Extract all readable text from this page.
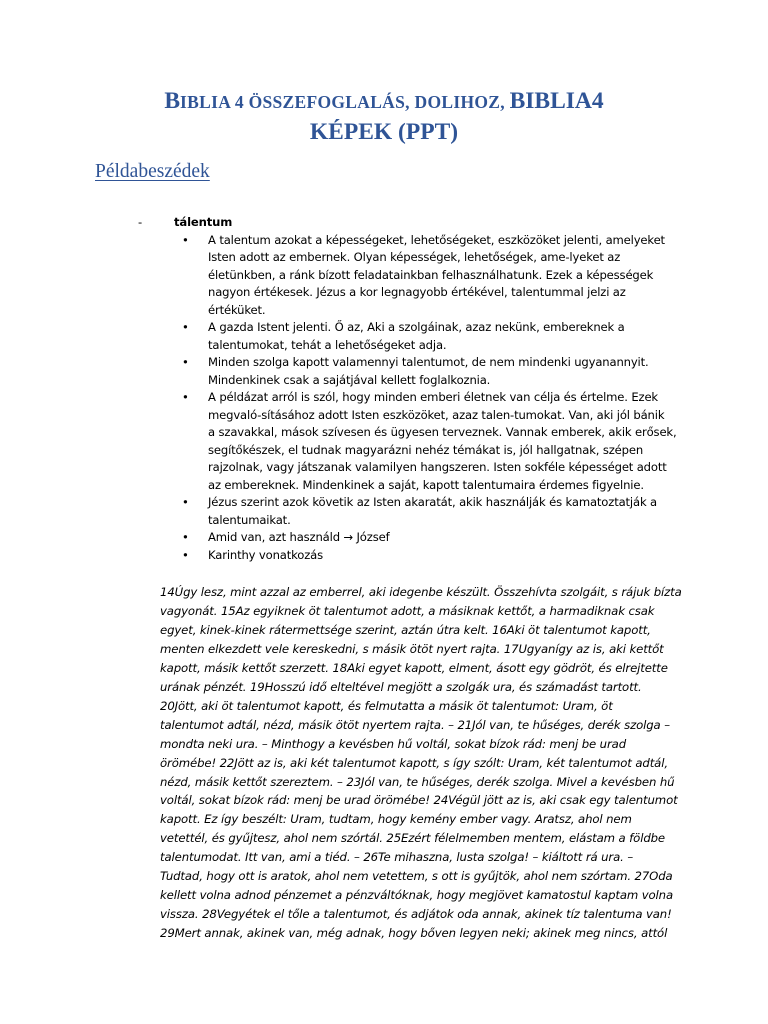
BIBLIA 4 ÖSSZEFOGLALÁS, DOLIHOZ, BIBLIA4
KÉPEK (PPT)
Példabeszédek
-	tálentum
• A talentum azokat a képességeket, lehetőségeket, eszközöket jelenti, amelyeket
Isten adott az embernek. Olyan képességek, lehetőségek, ame-lyeket az
életünkben, a ránk bízott feladatainkban felhasználhatunk. Ezek a képességek
nagyon értékesek. Jézus a kor legnagyobb értékével, talentummal jelzi az
értéküket.
• A gazda Istent jelenti. Ő az, Aki a szolgáinak, azaz nekünk, embereknek a
talentumokat, tehát a lehetőségeket adja.
• Minden szolga kapott valamennyi talentumot, de nem mindenki ugyanannyit.
Mindenkinek csak a sajátjával kellett foglalkoznia.
• A példázat arról is szól, hogy minden emberi életnek van célja és értelme. Ezek
megvaló-sításához adott Isten eszközöket, azaz talen-tumokat. Van, aki jól bánik
a szavakkal, mások szívesen és ügyesen terveznek. Vannak emberek, akik erősek,
segítőkészek, el tudnak magyarázni nehéz témákat is, jól hallgatnak, szépen
rajzolnak, vagy játszanak valamilyen hangszeren. Isten sokféle képességet adott
az embereknek. Mindenkinek a saját, kapott talentumaira érdemes figyelnie.
• Jézus szerint azok követik az Isten akaratát, akik használják és kamatoztatják a
talentumaikat.
• Amid van, azt használd → József
• Karinthy vonatkozás
14Úgy lesz, mint azzal az emberrel, aki idegenbe készült. Összehívta szolgáit, s rájuk bízta
vagyonát. 15Az egyiknek öt talentumot adott, a másiknak kettőt, a harmadiknak csak
egyet, kinek-kinek rátermettsége szerint, aztán útra kelt. 16Aki öt talentumot kapott,
menten elkezdett vele kereskedni, s másik ötöt nyert rajta. 17Ugyanígy az is, aki kettőt
kapott, másik kettőt szerzett. 18Aki egyet kapott, elment, ásott egy gödröt, és elrejtette
urának pénzét. 19Hosszú idő elteltével megjött a szolgák ura, és számadást tartott.
20Jött, aki öt talentumot kapott, és felmutatta a másik öt talentumot: Uram, öt
talentumot adtál, nézd, másik ötöt nyertem rajta. – 21Jól van, te hűséges, derék szolga –
mondta neki ura. – Minthogy a kevésben hű voltál, sokat bízok rád: menj be urad
örömébe! 22Jött az is, aki két talentumot kapott, s így szólt: Uram, két talentumot adtál,
nézd, másik kettőt szereztem. – 23Jól van, te hűséges, derék szolga. Mivel a kevésben hű
voltál, sokat bízok rád: menj be urad örömébe! 24Végül jött az is, aki csak egy talentumot
kapott. Ez így beszélt: Uram, tudtam, hogy kemény ember vagy. Aratsz, ahol nem
vetettél, és gyűjtesz, ahol nem szórtál. 25Ezért félelmemben mentem, elástam a földbe
talentumodat. Itt van, ami a tiéd. – 26Te mihaszna, lusta szolga! – kiáltott rá ura. –
Tudtad, hogy ott is aratok, ahol nem vetettem, s ott is gyűjtök, ahol nem szórtam. 27Oda
kellett volna adnod pénzemet a pénzváltóknak, hogy megjövet kamatostul kaptam volna
vissza. 28Vegyétek el tőle a talentumot, és adjátok oda annak, akinek tíz talentuma van!
29Mert annak, akinek van, még adnak, hogy bőven legyen neki; akinek meg nincs, attól
